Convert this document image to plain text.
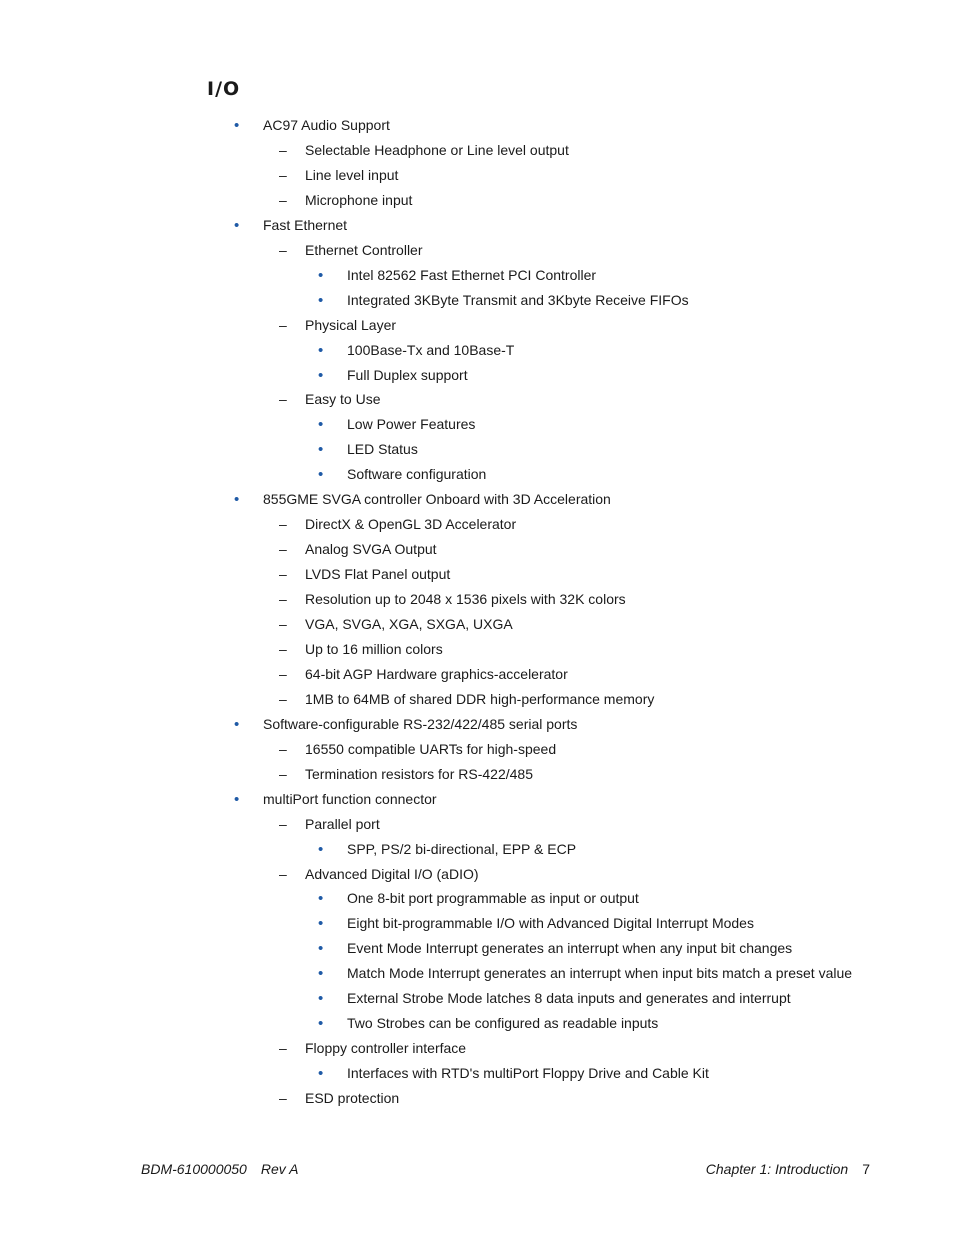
I/O
• AC97 Audio Support
– Selectable Headphone or Line level output
– Line level input
– Microphone input
• Fast Ethernet
– Ethernet Controller
• Intel 82562 Fast Ethernet PCI Controller
• Integrated 3KByte Transmit and 3Kbyte Receive FIFOs
– Physical Layer
• 100Base-Tx and 10Base-T
• Full Duplex support
– Easy to Use
• Low Power Features
• LED Status
• Software configuration
• 855GME SVGA controller Onboard with 3D Acceleration
– DirectX & OpenGL 3D Accelerator
– Analog SVGA Output
– LVDS Flat Panel output
– Resolution up to 2048 x 1536 pixels with 32K colors
– VGA, SVGA, XGA, SXGA, UXGA
– Up to 16 million colors
– 64-bit AGP Hardware graphics-accelerator
– 1MB to 64MB of shared DDR high-performance memory
• Software-configurable RS-232/422/485 serial ports
– 16550 compatible UARTs for high-speed
– Termination resistors for RS-422/485
• multiPort function connector
– Parallel port
• SPP, PS/2 bi-directional, EPP & ECP
– Advanced Digital I/O (aDIO)
• One 8-bit port programmable as input or output
• Eight bit-programmable I/O with Advanced Digital Interrupt Modes
• Event Mode Interrupt generates an interrupt when any input bit changes
• Match Mode Interrupt generates an interrupt when input bits match a preset value
• External Strobe Mode latches 8 data inputs and generates and interrupt
• Two Strobes can be configured as readable inputs
– Floppy controller interface
• Interfaces with RTD's multiPort Floppy Drive and Cable Kit
– ESD protection
BDM-610000050 Rev A	Chapter 1: Introduction 7
